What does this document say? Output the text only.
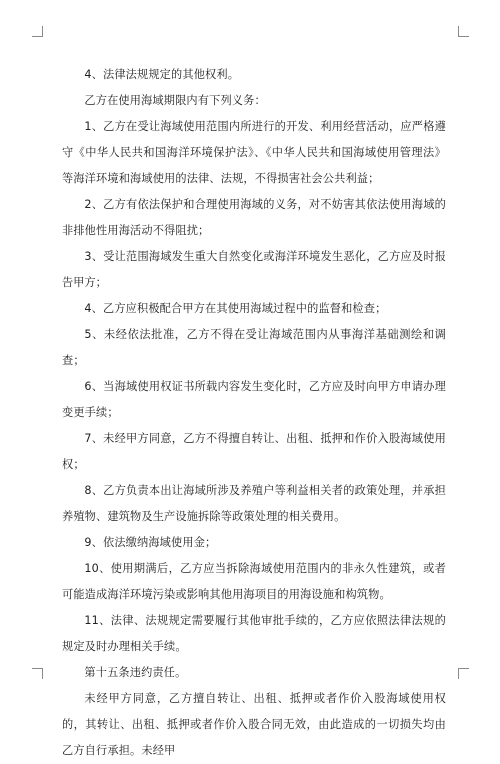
4、法律法规规定的其他权利。

乙方在使用海域期限内有下列义务：

1、乙方在受让海域使用范围内所进行的开发、利用经营活动，应严格遵守《中华人民共和国海洋环境保护法》、《中华人民共和国海域使用管理法》等海洋环境和海域使用的法律、法规，不得损害社会公共利益；

2、乙方有依法保护和合理使用海域的义务，对不妨害其依法使用海域的非排他性用海活动不得阻扰；

3、受让范围海域发生重大自然变化或海洋环境发生恶化，乙方应及时报告甲方；

4、乙方应积极配合甲方在其使用海域过程中的监督和检查；

5、未经依法批准，乙方不得在受让海域范围内从事海洋基础测绘和调查；

6、当海域使用权证书所载内容发生变化时，乙方应及时向甲方申请办理变更手续；

7、未经甲方同意，乙方不得擅自转让、出租、抵押和作价入股海域使用权；

8、乙方负责本出让海域所涉及养殖户等利益相关者的政策处理，并承担养殖物、建筑物及生产设施拆除等政策处理的相关费用。

9、依法缴纳海域使用金；

10、使用期满后，乙方应当拆除海域使用范围内的非永久性建筑，或者可能造成海洋环境污染或影响其他用海项目的用海设施和构筑物。

11、法律、法规规定需要履行其他审批手续的，乙方应依照法律法规的规定及时办理相关手续。

第十五条违约责任。

未经甲方同意，乙方擅自转让、出租、抵押或者作价入股海域使用权的，其转让、出租、抵押或者作价入股合同无效，由此造成的一切损失均由乙方自行承担。未经甲
